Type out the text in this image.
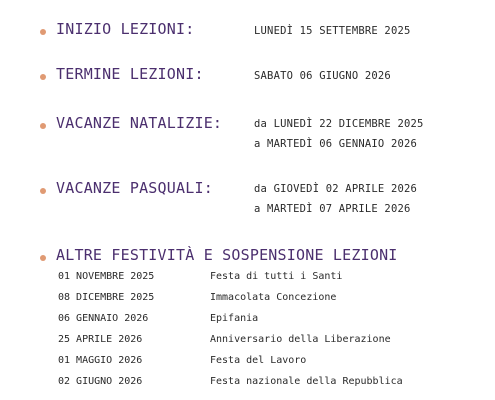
INIZIO LEZIONI:	LUNEDÌ 15 SETTEMBRE 2025
TERMINE LEZIONI:	SABATO 06 GIUGNO 2026
VACANZE NATALIZIE:	da LUNEDÌ 22 DICEMBRE 2025
a MARTEDÌ 06 GENNAIO 2026
VACANZE PASQUALI:	da GIOVEDÌ 02 APRILE 2026
a MARTEDÌ 07 APRILE 2026
ALTRE FESTIVITÀ E SOSPENSIONE LEZIONI
01 NOVEMBRE 2025	Festa di tutti i Santi
08 DICEMBRE 2025	Immacolata Concezione
06 GENNAIO 2026	Epifania
25 APRILE 2026	Anniversario della Liberazione
01 MAGGIO 2026	Festa del Lavoro
02 GIUGNO 2026	Festa nazionale della Repubblica
